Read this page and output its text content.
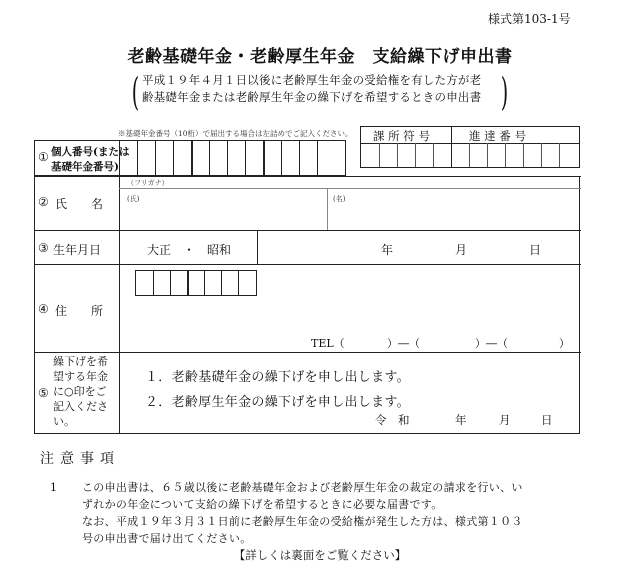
様式第103-1号
老齢基礎年金・老齢厚生年金　支給繰下げ申出書
( 平成１９年４月１日以後に老齢厚生年金の受給権を有した方が老
齢基礎年金または老齢厚生年金の繰下げを希望するときの申出書 )
※基礎年金番号（10桁）で届出する場合は左詰めでご記入ください。 課 所 符 号	進 達 番 号
① 個人番号(または
基礎年金番号)
② 氏　　名
（フリガナ）
(氏)	(名)
③ 生年月日	大正　・　昭和	年	月	日
④ 住　　所
TEL（	）―（	）―（	）
⑤
繰下げを希
望する年金
に○印をご
記入くださ
い。
１．老齢基礎年金の繰下げを申し出します。
２．老齢厚生年金の繰下げを申し出します。
令　和	年	月	日
注意事項
1 この申出書は、６５歳以後に老齢基礎年金および老齢厚生年金の裁定の請求を行い、い
ずれかの年金について支給の繰下げを希望するときに必要な届書です。
なお、平成１９年３月３１日前に老齢厚生年金の受給権が発生した方は、様式第１０３
号の申出書で届け出てください。
【詳しくは裏面をご覧ください】
